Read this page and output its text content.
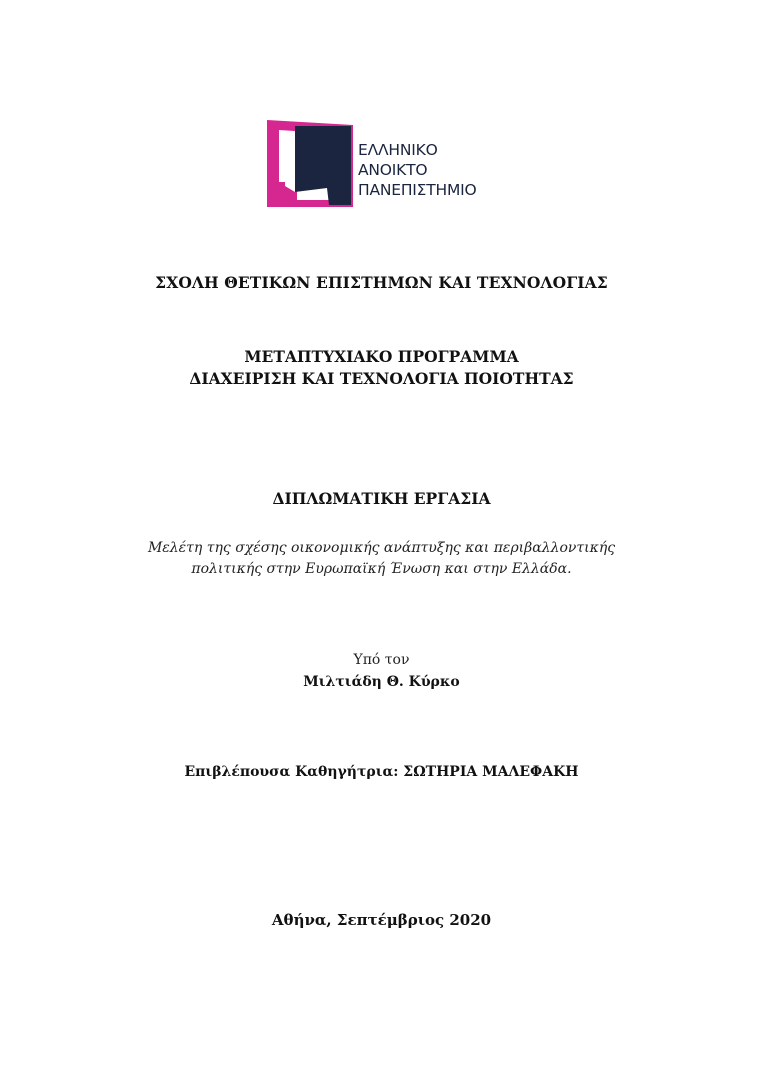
ΕΛΛΗΝΙΚΟ
ΑΝΟΙΚΤΟ
ΠΑΝΕΠΙΣΤΗΜΙΟ
ΣΧΟΛΗ ΘΕΤΙΚΩΝ ΕΠΙΣΤΗΜΩΝ ΚΑΙ ΤΕΧΝΟΛΟΓΙΑΣ
ΜΕΤΑΠΤΥΧΙΑΚΟ ΠΡΟΓΡΑΜΜΑ
ΔΙΑΧΕΙΡΙΣΗ ΚΑΙ ΤΕΧΝΟΛΟΓΙΑ ΠΟΙΟΤΗΤΑΣ
ΔΙΠΛΩΜΑΤΙΚΗ ΕΡΓΑΣΙΑ
Μελέτη της σχέσης οικονομικής ανάπτυξης και περιβαλλοντικής
πολιτικής στην Ευρωπαϊκή Ένωση και στην Ελλάδα.
Υπό τον
Μιλτιάδη Θ. Κύρκο
Επιβλέπουσα Καθηγήτρια: ΣΩΤΗΡΙΑ ΜΑΛΕΦΑΚΗ
Αθήνα, Σεπτέμβριος 2020
